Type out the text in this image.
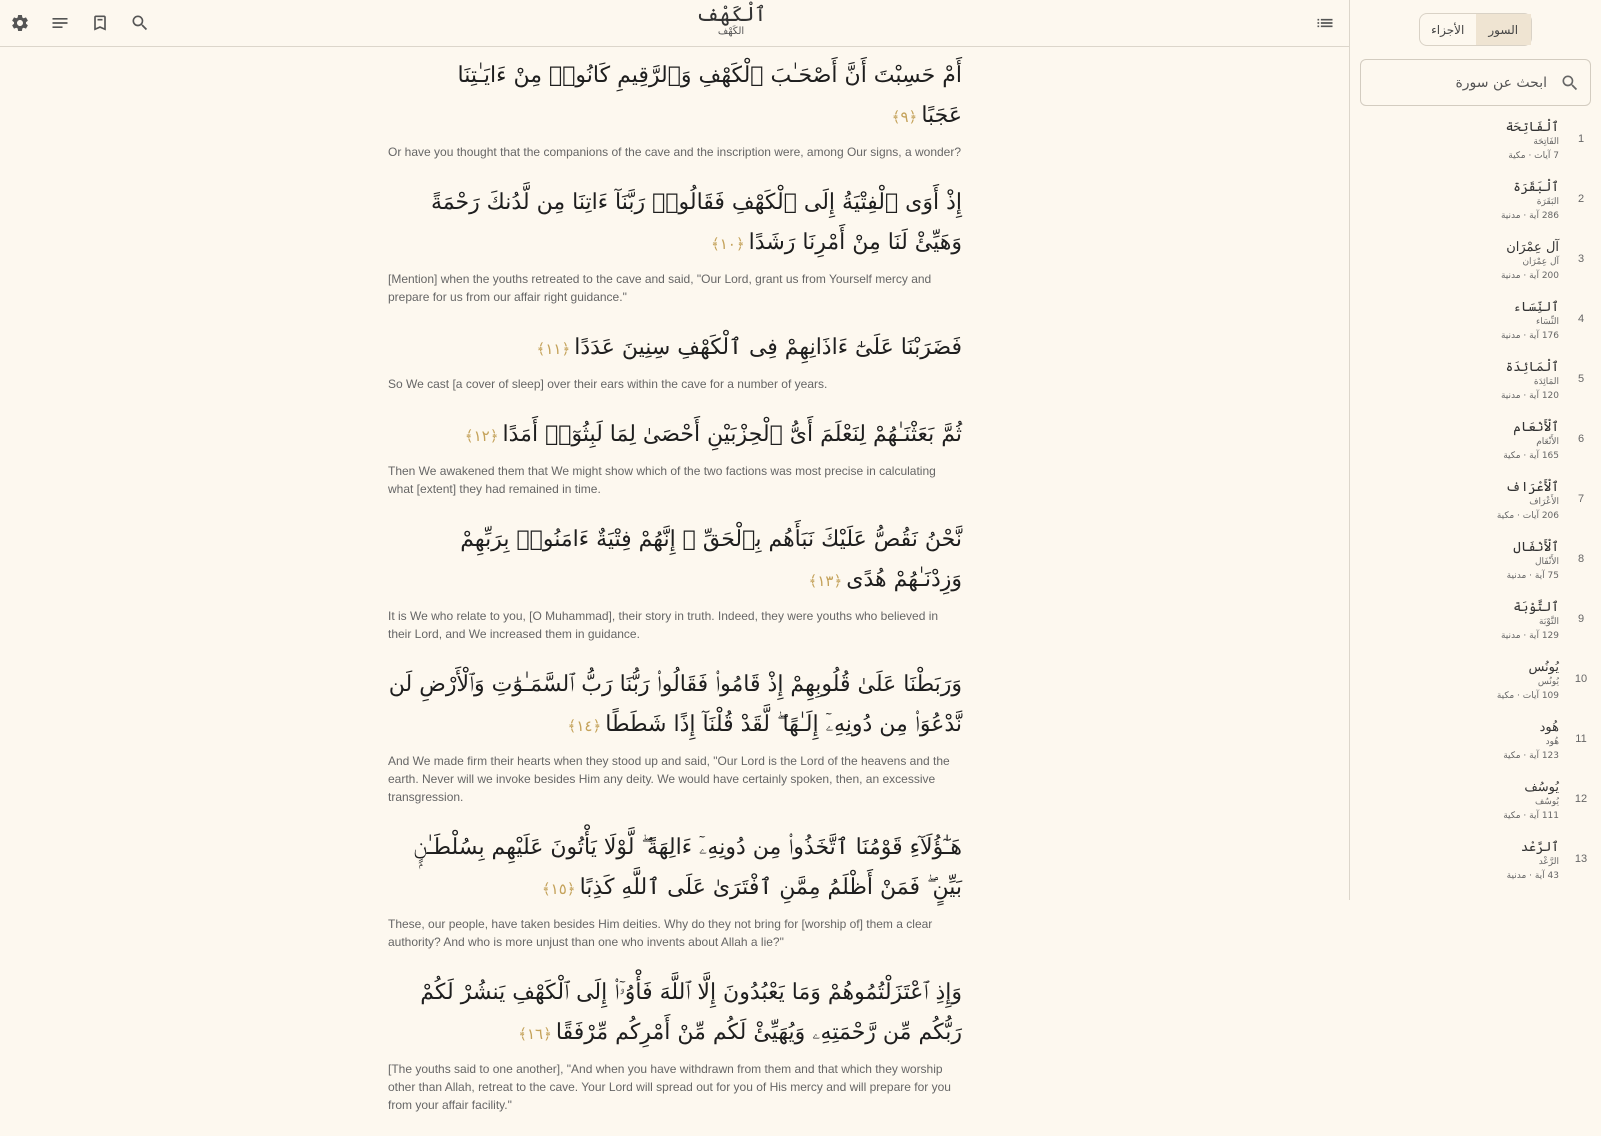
ٱلْكَهْف
الكَهْف
أَمْ حَسِبْتَ أَنَّ أَصْحَـٰبَ ٱلْكَهْفِ وَٱلرَّقِيمِ كَانُوا۟ مِنْ ءَايَـٰتِنَا عَجَبًا﴿٩﴾
Or have you thought that the companions of the cave and the inscription were, among Our signs, a wonder?
إِذْ أَوَى ٱلْفِتْيَةُ إِلَى ٱلْكَهْفِ فَقَالُوا۟ رَبَّنَآ ءَاتِنَا مِن لَّدُنكَ رَحْمَةً وَهَيِّئْ لَنَا مِنْ أَمْرِنَا رَشَدًا﴿١٠﴾
[Mention] when the youths retreated to the cave and said, "Our Lord, grant us from Yourself mercy and prepare for us from our affair right guidance."
فَضَرَبْنَا عَلَىٰٓ ءَاذَانِهِمْ فِى ٱلْكَهْفِ سِنِينَ عَدَدًا﴿١١﴾
So We cast [a cover of sleep] over their ears within the cave for a number of years.
ثُمَّ بَعَثْنَـٰهُمْ لِنَعْلَمَ أَىُّ ٱلْحِزْبَيْنِ أَحْصَىٰ لِمَا لَبِثُوٓا۟ أَمَدًا﴿١٢﴾
Then We awakened them that We might show which of the two factions was most precise in calculating what [extent] they had remained in time.
نَّحْنُ نَقُصُّ عَلَيْكَ نَبَأَهُم بِٱلْحَقِّ ۚ إِنَّهُمْ فِتْيَةٌ ءَامَنُوا۟ بِرَبِّهِمْ وَزِدْنَـٰهُمْ هُدًى﴿١٣﴾
It is We who relate to you, [O Muhammad], their story in truth. Indeed, they were youths who believed in their Lord, and We increased them in guidance.
وَرَبَطْنَا عَلَىٰ قُلُوبِهِمْ إِذْ قَامُوا۟ فَقَالُوا۟ رَبُّنَا رَبُّ ٱلسَّمَـٰوَٰتِ وَٱلْأَرْضِ لَن نَّدْعُوَا۟ مِن دُونِهِۦٓ إِلَـٰهًا ۖ لَّقَدْ قُلْنَآ إِذًا شَطَطًا﴿١٤﴾
And We made firm their hearts when they stood up and said, "Our Lord is the Lord of the heavens and the earth. Never will we invoke besides Him any deity. We would have certainly spoken, then, an excessive transgression.
هَـٰٓؤُلَآءِ قَوْمُنَا ٱتَّخَذُوا۟ مِن دُونِهِۦٓ ءَالِهَةً ۖ لَّوْلَا يَأْتُونَ عَلَيْهِم بِسُلْطَـٰنٍۭ بَيِّنٍ ۖ فَمَنْ أَظْلَمُ مِمَّنِ ٱفْتَرَىٰ عَلَى ٱللَّهِ كَذِبًا﴿١٥﴾
These, our people, have taken besides Him deities. Why do they not bring for [worship of] them a clear authority? And who is more unjust than one who invents about Allah a lie?"
وَإِذِ ٱعْتَزَلْتُمُوهُمْ وَمَا يَعْبُدُونَ إِلَّا ٱللَّهَ فَأْوُۥٓا۟ إِلَى ٱلْكَهْفِ يَنشُرْ لَكُمْ رَبُّكُم مِّن رَّحْمَتِهِۦ وَيُهَيِّئْ لَكُم مِّنْ أَمْرِكُم مِّرْفَقًا﴿١٦﴾
[The youths said to one another], "And when you have withdrawn from them and that which they worship other than Allah, retreat to the cave. Your Lord will spread out for you of His mercy and will prepare for you from your affair facility."
الأجزاء	السور
ابحث عن سورة
1
ٱلْفَاتِحَة
الفَاتِحَة
7 آيات · مكية
2
ٱلْبَقَرَة
البَقَرَة
286 آية · مدنية
3
آل عِمْرَان
آل عِمْرَان
200 آية · مدنية
4
ٱلنِّسَاء
النِّسَاء
176 آية · مدنية
5
ٱلْمَائِدَة
المَائِدَة
120 آية · مدنية
6
ٱلْأَنْعَام
الأَنْعَام
165 آية · مكية
7
ٱلْأَعْرَاف
الأَعْرَاف
206 آيات · مكية
8
ٱلْأَنْفَال
الأَنْفَال
75 آية · مدنية
9
ٱلتَّوْبَة
التَّوْبَة
129 آية · مدنية
10
يُونُس
يُونُس
109 آيات · مكية
11
هُود
هُود
123 آية · مكية
12
يُوسُف
يُوسُف
111 آية · مكية
13
ٱلرَّعْد
الرَّعْد
43 آية · مدنية
